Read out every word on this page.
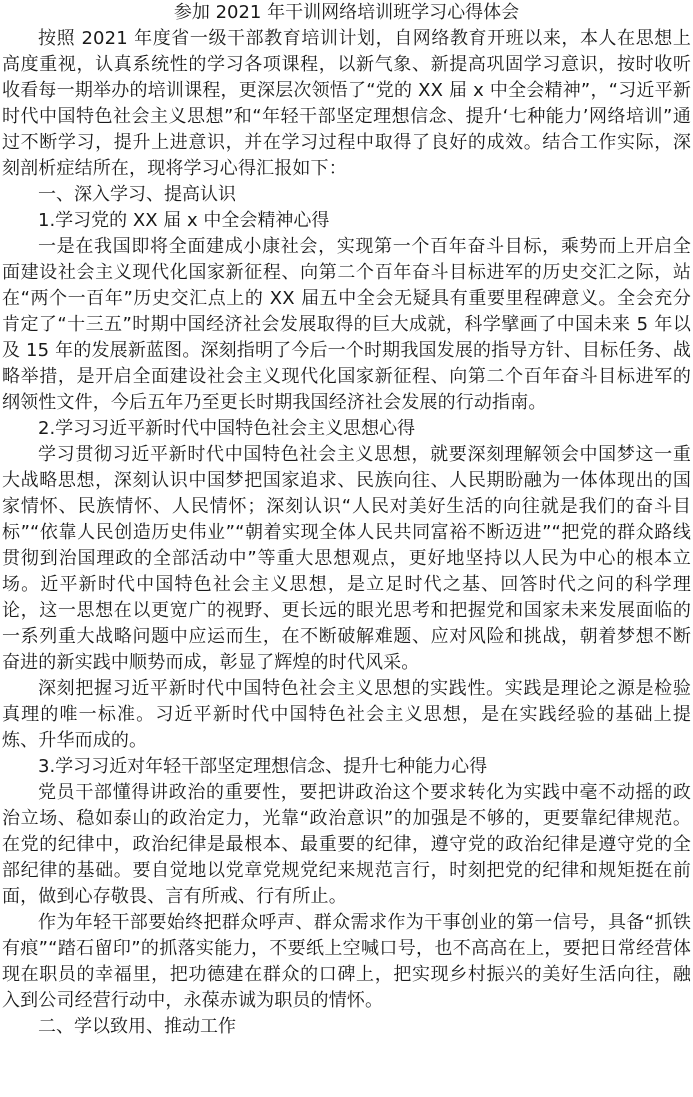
参加 2021 年干训网络培训班学习心得体会

按照 2021 年度省一级干部教育培训计划，自网络教育开班以来，本人在思想上高度重视，认真系统性的学习各项课程，以新气象、新提高巩固学习意识，按时收听收看每一期举办的培训课程，更深层次领悟了“党的 XX 届 x 中全会精神”，“习近平新时代中国特色社会主义思想”和“年轻干部坚定理想信念、提升‘七种能力’网络培训”通过不断学习，提升上进意识，并在学习过程中取得了良好的成效。结合工作实际，深刻剖析症结所在，现将学习心得汇报如下：

一、深入学习、提高认识

1.学习党的 XX 届 x 中全会精神心得

一是在我国即将全面建成小康社会，实现第一个百年奋斗目标，乘势而上开启全面建设社会主义现代化国家新征程、向第二个百年奋斗目标进军的历史交汇之际，站在“两个一百年”历史交汇点上的 XX 届五中全会无疑具有重要里程碑意义。全会充分肯定了“十三五”时期中国经济社会发展取得的巨大成就，科学擘画了中国未来 5 年以及 15 年的发展新蓝图。深刻指明了今后一个时期我国发展的指导方针、目标任务、战略举措，是开启全面建设社会主义现代化国家新征程、向第二个百年奋斗目标进军的纲领性文件，今后五年乃至更长时期我国经济社会发展的行动指南。

2.学习习近平新时代中国特色社会主义思想心得

学习贯彻习近平新时代中国特色社会主义思想，就要深刻理解领会中国梦这一重大战略思想，深刻认识中国梦把国家追求、民族向往、人民期盼融为一体体现出的国家情怀、民族情怀、人民情怀；深刻认识“人民对美好生活的向往就是我们的奋斗目标”“依靠人民创造历史伟业”“朝着实现全体人民共同富裕不断迈进”“把党的群众路线贯彻到治国理政的全部活动中”等重大思想观点，更好地坚持以人民为中心的根本立场。近平新时代中国特色社会主义思想，是立足时代之基、回答时代之问的科学理论，这一思想在以更宽广的视野、更长远的眼光思考和把握党和国家未来发展面临的一系列重大战略问题中应运而生，在不断破解难题、应对风险和挑战，朝着梦想不断奋进的新实践中顺势而成，彰显了辉煌的时代风采。

深刻把握习近平新时代中国特色社会主义思想的实践性。实践是理论之源是检验真理的唯一标准。习近平新时代中国特色社会主义思想，是在实践经验的基础上提炼、升华而成的。

3.学习习近对年轻干部坚定理想信念、提升七种能力心得

党员干部懂得讲政治的重要性，要把讲政治这个要求转化为实践中毫不动摇的政治立场、稳如泰山的政治定力，光靠“政治意识”的加强是不够的，更要靠纪律规范。在党的纪律中，政治纪律是最根本、最重要的纪律，遵守党的政治纪律是遵守党的全部纪律的基础。要自觉地以党章党规党纪来规范言行，时刻把党的纪律和规矩挺在前面，做到心存敬畏、言有所戒、行有所止。

作为年轻干部要始终把群众呼声、群众需求作为干事创业的第一信号，具备“抓铁有痕”“踏石留印”的抓落实能力，不要纸上空喊口号，也不高高在上，要把日常经营体现在职员的幸福里，把功德建在群众的口碑上，把实现乡村振兴的美好生活向往，融入到公司经营行动中，永葆赤诚为职员的情怀。

二、学以致用、推动工作
